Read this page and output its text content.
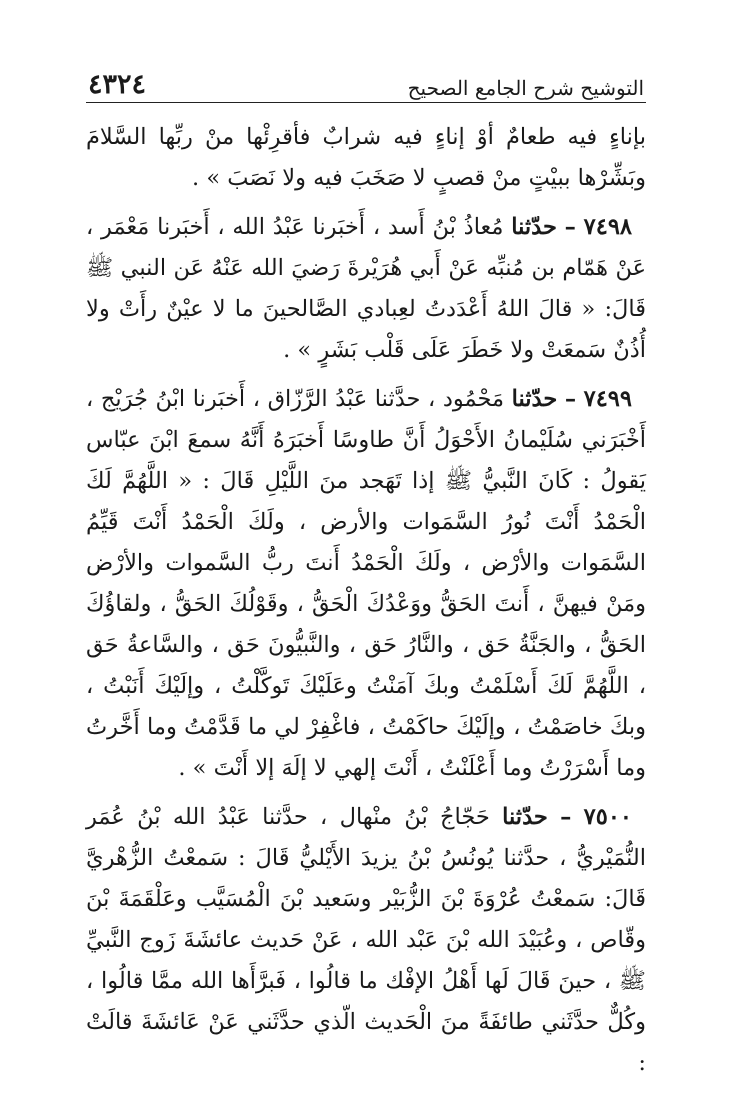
التوشيح شرح الجامع الصحيح
٤٣٢٤

بإناءٍ فيه طعامٌ أوْ إناءٍ فيه شرابٌ فأقرِئْها منْ ربِّها السَّلامَ وبَشِّرْها ببيْتٍ منْ قصبٍ لا صَخَبَ فيه ولا نَصَبَ » .

٧٤٩٨ – حدّثنا مُعاذُ بْنُ أَسد ، أَخبَرنا عَبْدُ الله ، أَخبَرنا مَعْمَر ، عَنْ هَمّام بن مُنبِّه عَنْ أَبي هُرَيْرةَ رَضيَ الله عَنْهُ عَن النبي ﷺ قَالَ: « قالَ اللهُ أَعْدَدتُ لعِبادي الصَّالحينَ ما لا عيْنٌ رأَتْ ولا أُذُنٌ سَمعَتْ ولا خَطَرَ عَلَى قَلْب بَشَرٍ » .

٧٤٩٩ – حدّثنا مَحْمُود ، حدَّثنا عَبْدُ الرَّزّاق ، أَخبَرنا ابْنُ جُرَيْج ، أَخْبَرَني سُلَيْمانُ الأَحْوَلُ أَنَّ طاوسًا أَخبَرَهُ أَنَّهُ سمعَ ابْنَ عبّاس يَقولُ : كَانَ النَّبيُّ ﷺ إذا تَهَجد منَ اللَّيْلِ قَالَ : « اللَّهُمَّ لَكَ الْحَمْدُ أَنْتَ نُورُ السَّمَوات والأرض ، ولَكَ الْحَمْدُ أَنْتَ قَيِّمُ السَّمَوات والأرْض ، ولَكَ الْحَمْدُ أَنتَ ربُّ السَّموات والأرْض ومَنْ فيهنَّ ، أَنتَ الحَقُّ ووَعْدُكَ الْحَقُّ ، وقَوْلُكَ الحَقُّ ، ولقاؤُكَ الحَقُّ ، والجَنَّةُ حَق ، والنَّارُ حَق ، والنَّبيُّونَ حَق ، والسَّاعةُ حَق ، اللَّهُمَّ لَكَ أَسْلَمْتُ وبكَ آمَنْتُ وعَلَيْكَ تَوكَّلْتُ ، وإلَيْكَ أَنَبْتُ ، وبكَ خاصَمْتُ ، وإلَيْكَ حاكَمْتُ ، فاغْفِرْ لي ما قَدَّمْتُ وما أَخَّرتُ وما أَسْرَرْتُ وما أَعْلَنْتُ ، أَنْتَ إلهي لا إلَهَ إلا أَنْتَ » .

٧٥٠٠ – حدّثنا حَجّاجُ بْنُ منْهال ، حدَّثنا عَبْدُ الله بْنُ عُمَر النُّمَيْريُّ ، حدَّثنا يُونُسُ بْنُ يزيدَ الأَيْليُّ قَالَ : سَمعْتُ الزُّهْريَّ قَالَ: سَمعْتُ عُرْوَةَ بْنَ الزُّبَيْر وسَعيد بْنَ الْمُسَيَّب وعَلْقَمَةَ بْنَ وقّاص ، وعُبَيْدَ الله بْنَ عَبْد الله ، عَنْ حَديث عائشَةَ زَوج النَّبيِّ ﷺ ، حينَ قَالَ لَها أَهْلُ الإفْك ما قالُوا ، فَبرَّأَها الله ممَّا قالُوا ، وكُلٌّ حدَّثَني طائفَةً منَ الْحَديث الّذي حدَّثَني عَنْ عَائشَةَ قالَتْ :
